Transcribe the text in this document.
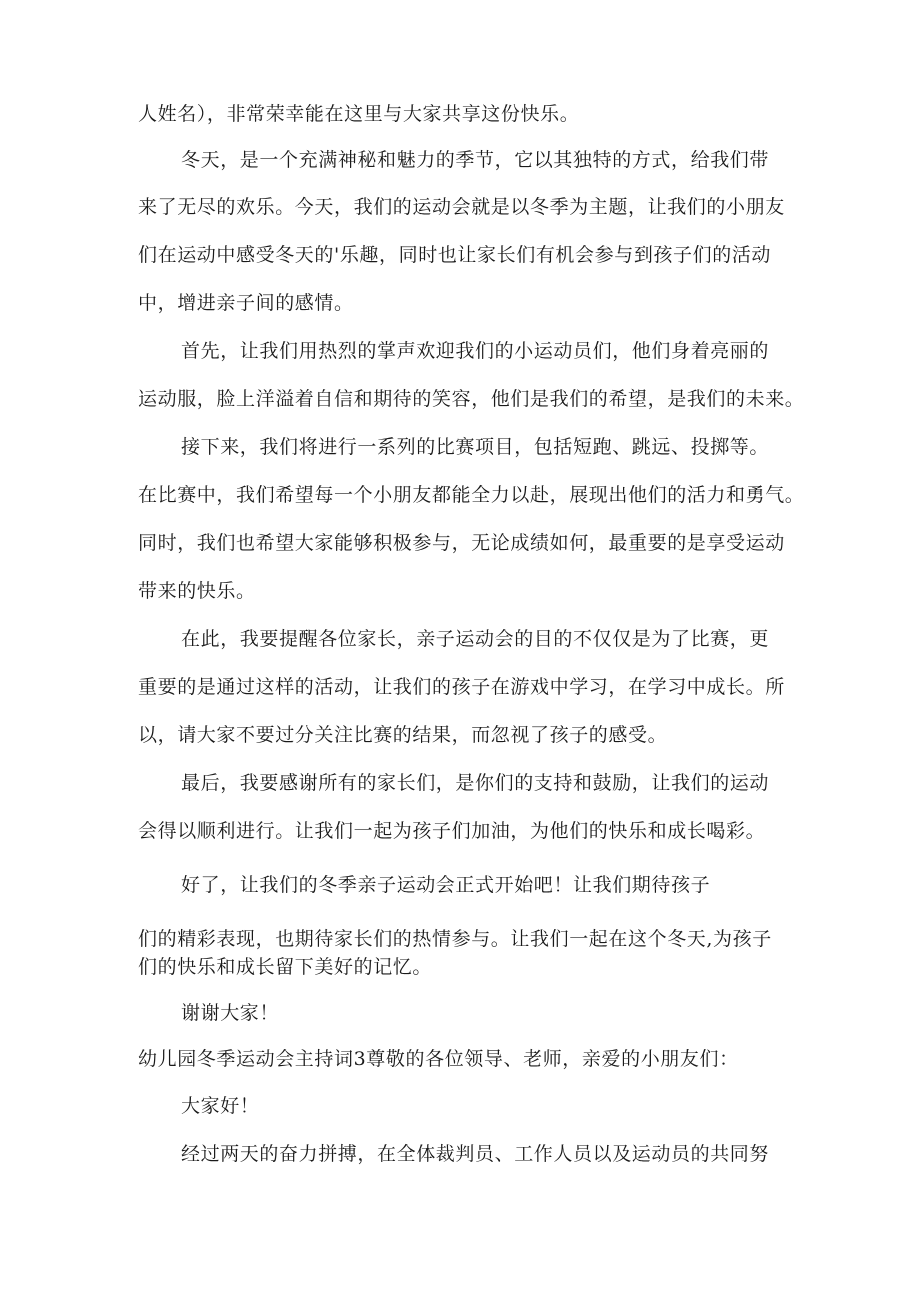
人姓名），非常荣幸能在这里与大家共享这份快乐。
冬天，是一个充满神秘和魅力的季节，它以其独特的方式，给我们带
来了无尽的欢乐。今天，我们的运动会就是以冬季为主题，让我们的小朋友
们在运动中感受冬天的'乐趣，同时也让家长们有机会参与到孩子们的活动
中，增进亲子间的感情。
首先，让我们用热烈的掌声欢迎我们的小运动员们，他们身着亮丽的
运动服，脸上洋溢着自信和期待的笑容，他们是我们的希望，是我们的未来。
接下来，我们将进行一系列的比赛项目，包括短跑、跳远、投掷等。
在比赛中，我们希望每一个小朋友都能全力以赴，展现出他们的活力和勇气。
同时，我们也希望大家能够积极参与，无论成绩如何，最重要的是享受运动
带来的快乐。
在此，我要提醒各位家长，亲子运动会的目的不仅仅是为了比赛，更
重要的是通过这样的活动，让我们的孩子在游戏中学习，在学习中成长。所
以，请大家不要过分关注比赛的结果，而忽视了孩子的感受。
最后，我要感谢所有的家长们，是你们的支持和鼓励，让我们的运动
会得以顺利进行。让我们一起为孩子们加油，为他们的快乐和成长喝彩。
好了，让我们的冬季亲子运动会正式开始吧！让我们期待孩子
们的精彩表现，也期待家长们的热情参与。让我们一起在这个冬天,为孩子
们的快乐和成长留下美好的记忆。
谢谢大家！
幼儿园冬季运动会主持词3尊敬的各位领导、老师，亲爱的小朋友们：
大家好！
经过两天的奋力拼搏，在全体裁判员、工作人员以及运动员的共同努
